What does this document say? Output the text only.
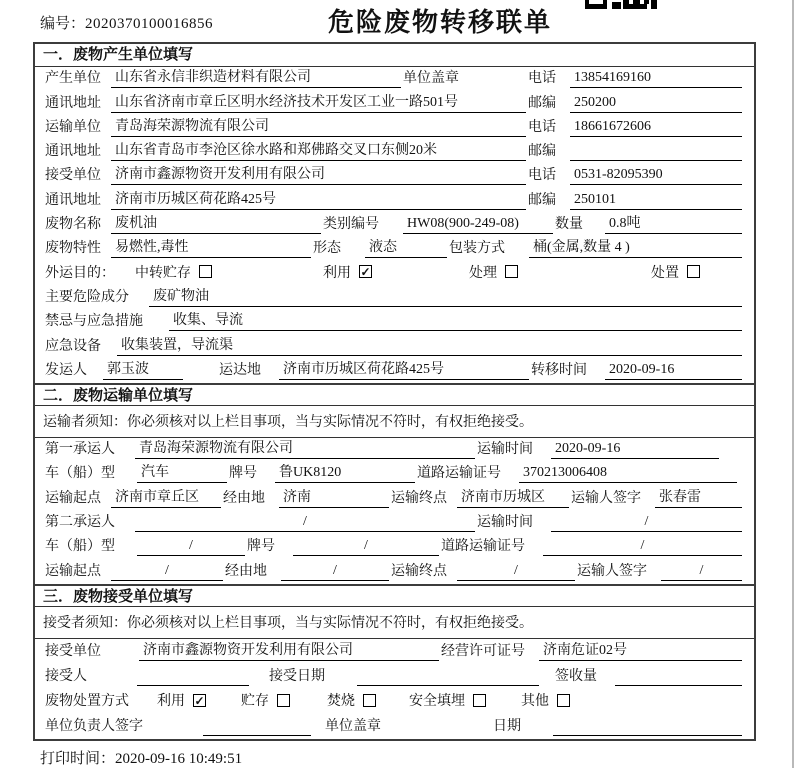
编号：2020370100016856	危险废物转移联单
一．废物产生单位填写
产生单位	山东省永信非织造材料有限公司	单位盖章	电话	13854169160
通讯地址	山东省济南市章丘区明水经济技术开发区工业一路501号	邮编	250200
运输单位	青岛海荣源物流有限公司	电话	18661672606
通讯地址	山东省青岛市李沧区徐水路和郑佛路交叉口东侧20米	邮编
接受单位	济南市鑫源物资开发利用有限公司	电话	0531-82095390
通讯地址	济南市历城区荷花路425号	邮编	250101
废物名称	废机油	类别编号	HW08(900-249-08)	数量	0.8吨
废物特性	易燃性,毒性	形态	液态	包装方式	桶(金属,数量 4 )
外运目的：	中转贮存	利用 ✓	处理	处置
主要危险成分	废矿物油
禁忌与应急措施	收集、导流
应急设备	收集装置，导流渠
发运人	郭玉波	运达地	济南市历城区荷花路425号	转移时间	2020-09-16
二．废物运输单位填写
运输者须知：你必须核对以上栏目事项，当与实际情况不符时，有权拒绝接受。
第一承运人	青岛海荣源物流有限公司	运输时间	2020-09-16
车（船）型	汽车	牌号	鲁UK8120	道路运输证号	370213006408
运输起点	济南市章丘区	经由地	济南	运输终点	济南市历城区	运输人签字	张春雷
第二承运人	/	运输时间	/
车（船）型	/	牌号	/	道路运输证号	/
运输起点	/	经由地	/	运输终点	/	运输人签字	/
三．废物接受单位填写
接受者须知：你必须核对以上栏目事项，当与实际情况不符时，有权拒绝接受。
接受单位	济南市鑫源物资开发利用有限公司	经营许可证号	济南危证02号
接受人	接受日期	签收量
废物处置方式	利用 ✓	贮存	焚烧	安全填埋	其他
单位负责人签字	单位盖章	日期
打印时间：2020-09-16 10:49:51
